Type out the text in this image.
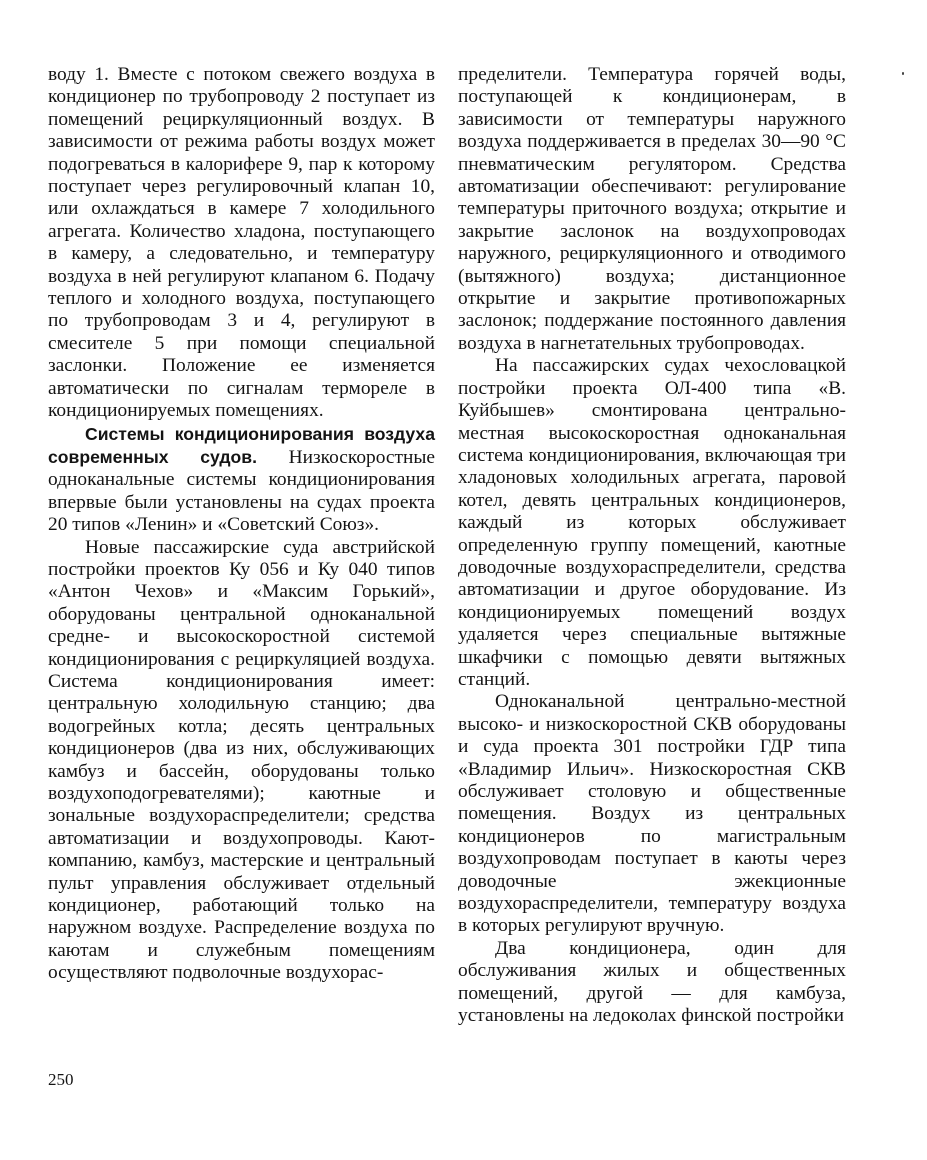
воду 1. Вместе с потоком свежего воздуха в кондиционер по трубопроводу 2 поступает из помещений рециркуляционный воздух. В зависимости от режима работы воздух может подогреваться в калорифере 9, пар к которому поступает через регулировочный клапан 10, или охлаждаться в камере 7 холодильного агрегата. Количество хладона, поступающего в камеру, а следовательно, и температуру воздуха в ней регулируют клапаном 6. Подачу теплого и холодного воздуха, поступающего по трубопроводам 3 и 4, регулируют в смесителе 5 при помощи специальной заслонки. Положение ее изменяется автоматически по сигналам термореле в кондиционируемых помещениях.

Системы кондиционирования воздуха современных судов. Низкоскоростные одноканальные системы кондиционирования впервые были установлены на судах проекта 20 типов «Ленин» и «Советский Союз».

Новые пассажирские суда австрийской постройки проектов Ку 056 и Ку 040 типов «Антон Чехов» и «Максим Горький», оборудованы центральной одноканальной средне- и высокоскоростной системой кондиционирования с рециркуляцией воздуха. Система кондиционирования имеет: центральную холодильную станцию; два водогрейных котла; десять центральных кондиционеров (два из них, обслуживающих камбуз и бассейн, оборудованы только воздухоподогревателями); каютные и зональные воздухораспределители; средства автоматизации и воздухопроводы. Кают-компанию, камбуз, мастерские и центральный пульт управления обслуживает отдельный кондиционер, работающий только на наружном воздухе. Распределение воздуха по каютам и служебным помещениям осуществляют подволочные воздухорас-

пределители. Температура горячей воды, поступающей к кондиционерам, в зависимости от температуры наружного воздуха поддерживается в пределах 30—90 °С пневматическим регулятором. Средства автоматизации обеспечивают: регулирование температуры приточного воздуха; открытие и закрытие заслонок на воздухопроводах наружного, рециркуляционного и отводимого (вытяжного) воздуха; дистанционное открытие и закрытие противопожарных заслонок; поддержание постоянного давления воздуха в нагнетательных трубопроводах.

На пассажирских судах чехословацкой постройки проекта ОЛ-400 типа «В. Куйбышев» смонтирована центрально-местная высокоскоростная одноканальная система кондиционирования, включающая три хладоновых холодильных агрегата, паровой котел, девять центральных кондиционеров, каждый из которых обслуживает определенную группу помещений, каютные доводочные воздухораспределители, средства автоматизации и другое оборудование. Из кондиционируемых помещений воздух удаляется через специальные вытяжные шкафчики с помощью девяти вытяжных станций.

Одноканальной центрально-местной высоко- и низкоскоростной СКВ оборудованы и суда проекта 301 постройки ГДР типа «Владимир Ильич». Низкоскоростная СКВ обслуживает столовую и общественные помещения. Воздух из центральных кондиционеров по магистральным воздухопроводам поступает в каюты через доводочные эжекционные воздухораспределители, температуру воздуха в которых регулируют вручную.

Два кондиционера, один для обслуживания жилых и общественных помещений, другой — для камбуза, установлены на ледоколах финской постройки

250
